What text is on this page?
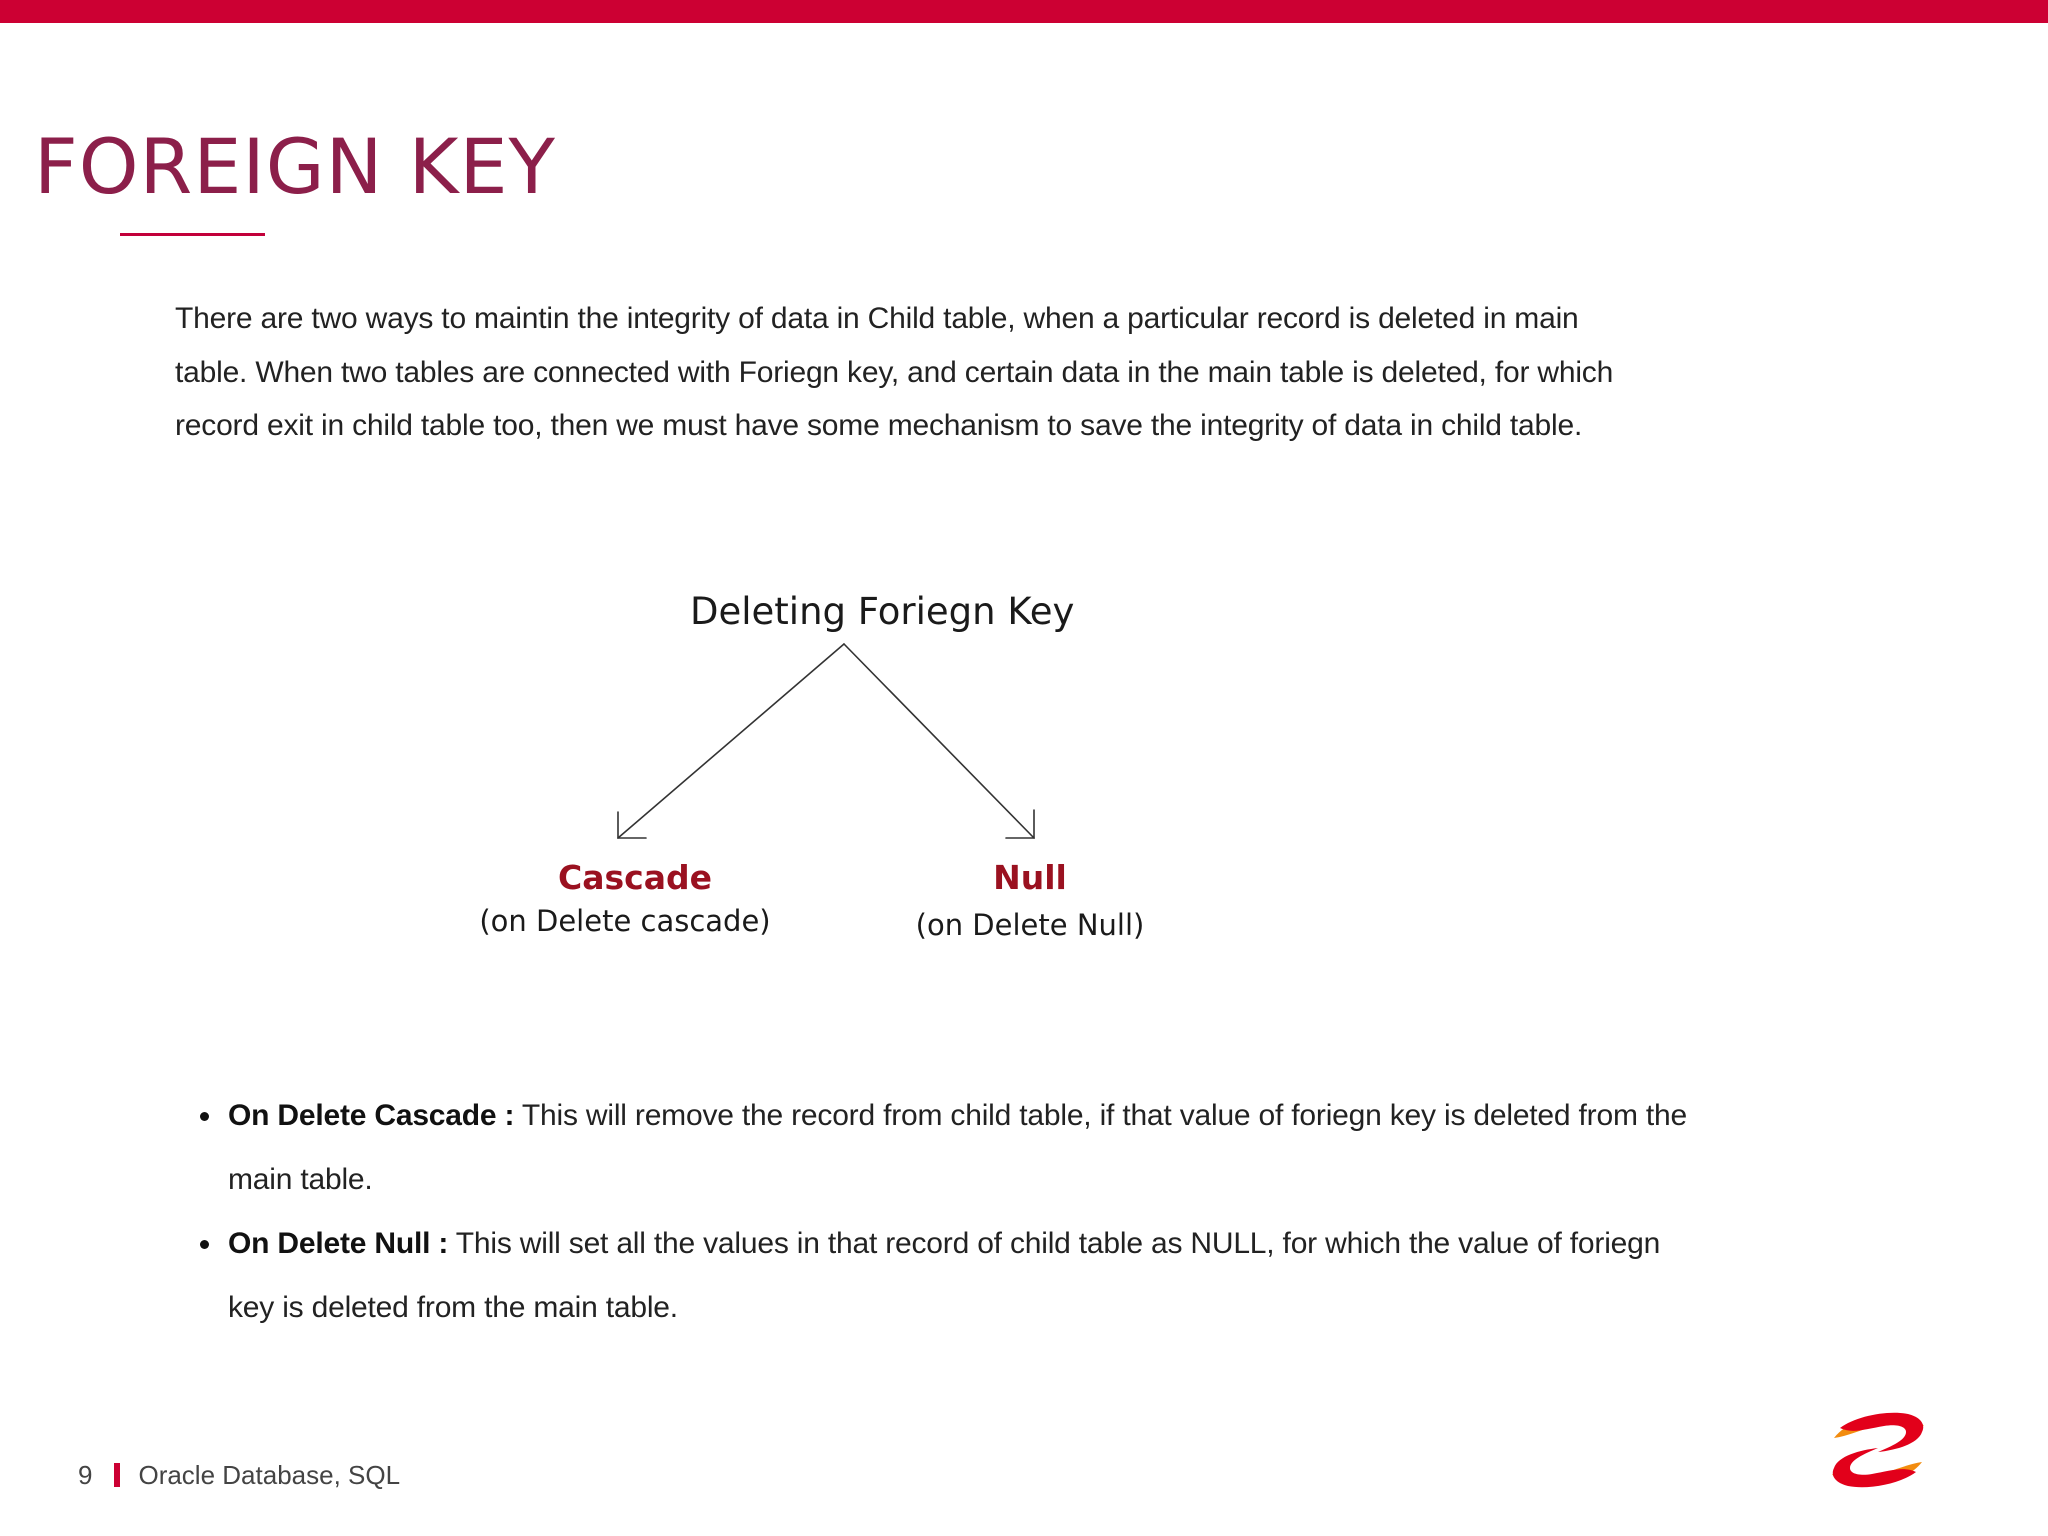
FOREIGN KEY

There are two ways to maintin the integrity of data in Child table, when a particular record is deleted in main table. When two tables are connected with Foriegn key, and certain data in the main table is deleted, for which record exit in child table too, then we must have some mechanism to save the integrity of data in child table.

Deleting Foriegn Key
Cascade
(on Delete cascade)
Null
(on Delete Null)
On Delete Cascade : This will remove the record from child table, if that value of foriegn key is deleted from the main table.
On Delete Null : This will set all the values in that record of child table as NULL, for which the value of foriegn key is deleted from the main table.
9 Oracle Database, SQL
